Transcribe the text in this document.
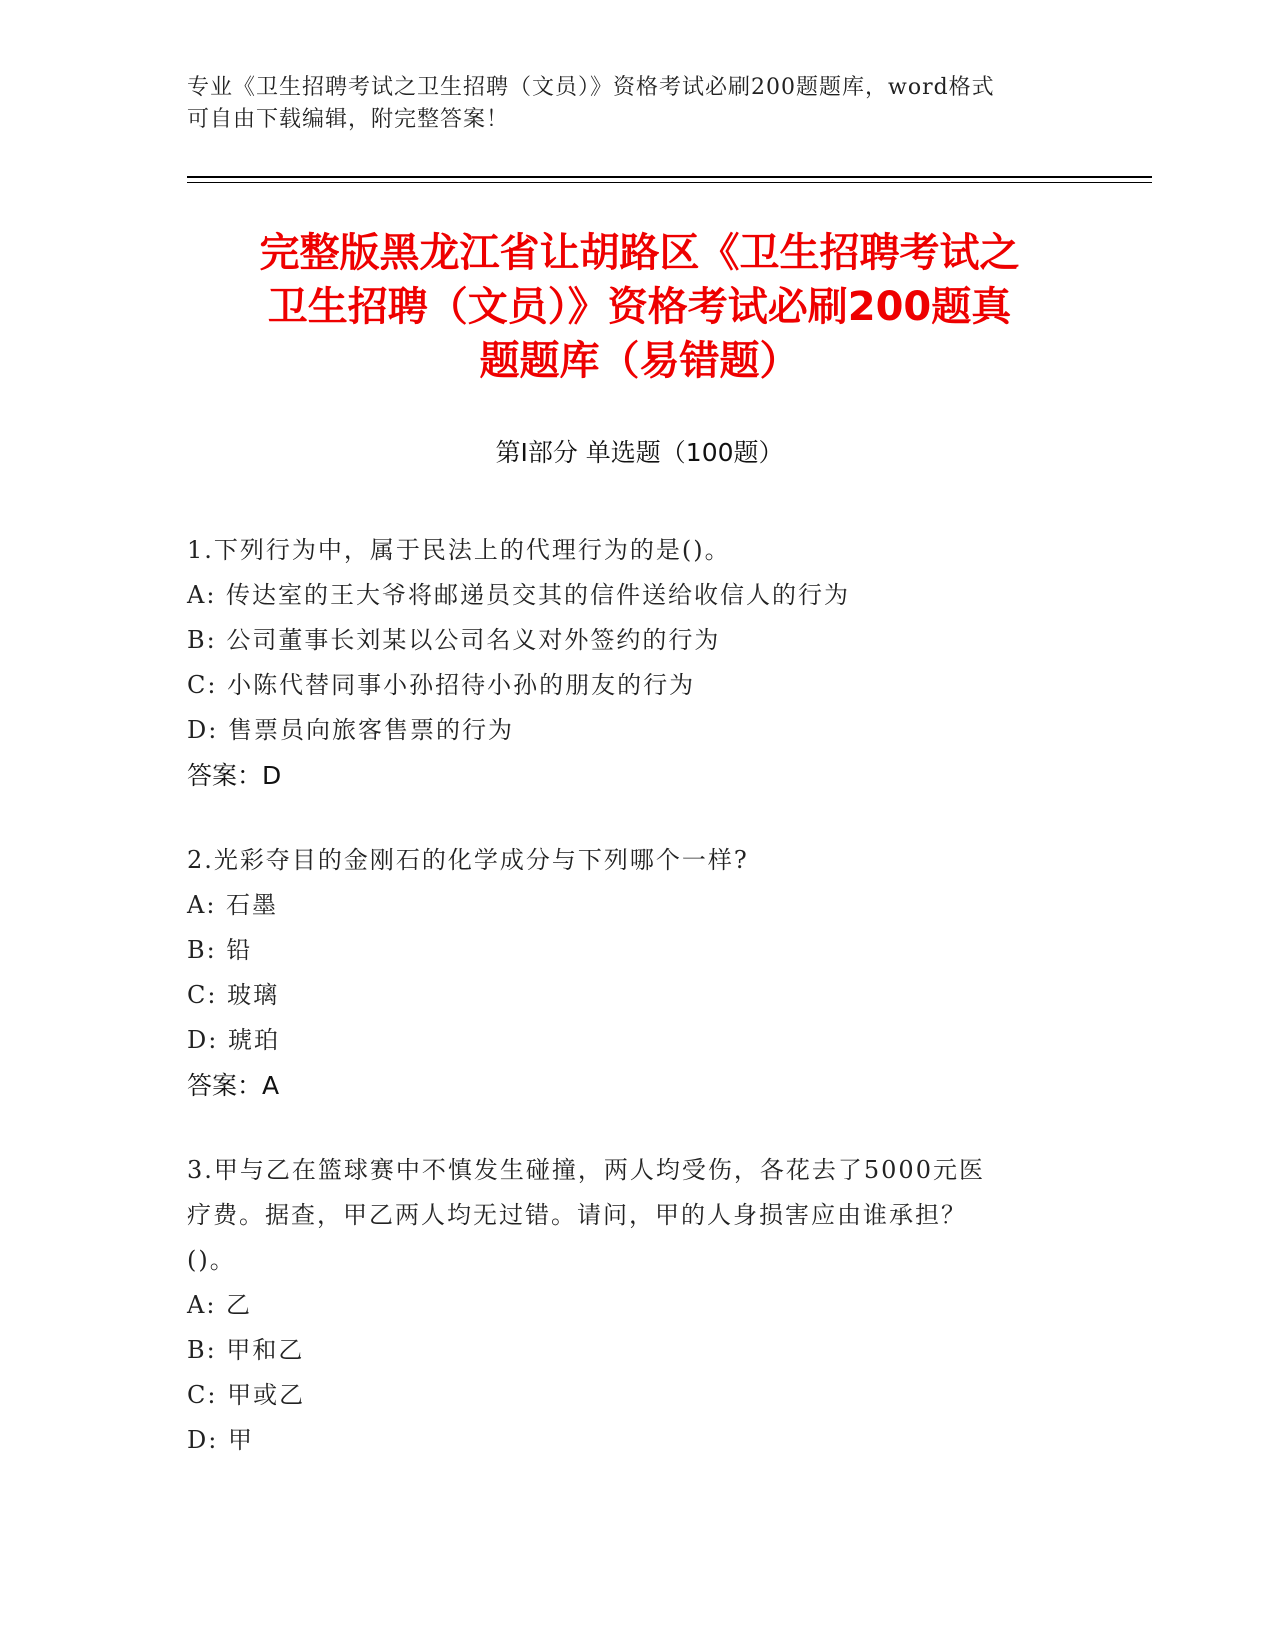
专业《卫生招聘考试之卫生招聘（文员）》资格考试必刷200题题库，word格式
可自由下载编辑，附完整答案！
完整版黑龙江省让胡路区《卫生招聘考试之
卫生招聘（文员）》资格考试必刷200题真
题题库（易错题）
第Ⅰ部分 单选题（100题）
1.下列行为中，属于民法上的代理行为的是()。
A: 传达室的王大爷将邮递员交其的信件送给收信人的行为
B: 公司董事长刘某以公司名义对外签约的行为
C: 小陈代替同事小孙招待小孙的朋友的行为
D: 售票员向旅客售票的行为
答案：D
2.光彩夺目的金刚石的化学成分与下列哪个一样?
A: 石墨
B: 铅
C: 玻璃
D: 琥珀
答案：A
3.甲与乙在篮球赛中不慎发生碰撞，两人均受伤，各花去了5000元医
疗费。据查，甲乙两人均无过错。请问，甲的人身损害应由谁承担？
()。
A: 乙
B: 甲和乙
C: 甲或乙
D: 甲
